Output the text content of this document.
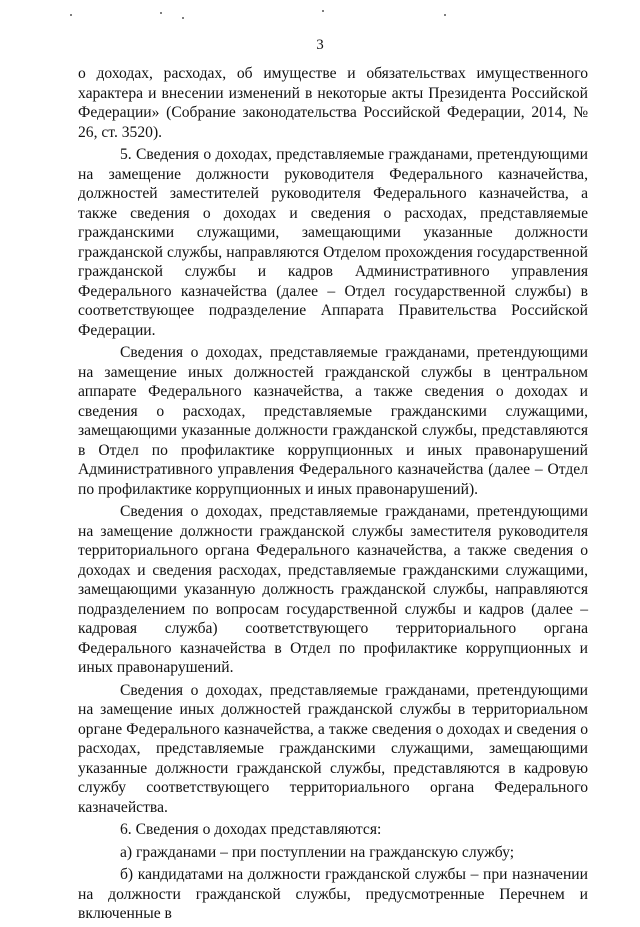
3

о доходах, расходах, об имуществе и обязательствах имущественного характера и внесении изменений в некоторые акты Президента Российской Федерации» (Собрание законодательства Российской Федерации, 2014, № 26, ст. 3520).

5. Сведения о доходах, представляемые гражданами, претендующими на замещение должности руководителя Федерального казначейства, должностей заместителей руководителя Федерального казначейства, а также сведения о доходах и сведения о расходах, представляемые гражданскими служащими, замещающими указанные должности гражданской службы, направляются Отделом прохождения государственной гражданской службы и кадров Административного управления Федерального казначейства (далее – Отдел государственной службы) в соответствующее подразделение Аппарата Правительства Российской Федерации.

Сведения о доходах, представляемые гражданами, претендующими на замещение иных должностей гражданской службы в центральном аппарате Федерального казначейства, а также сведения о доходах и сведения о расходах, представляемые гражданскими служащими, замещающими указанные должности гражданской службы, представляются в Отдел по профилактике коррупционных и иных правонарушений Административного управления Федерального казначейства (далее – Отдел по профилактике коррупционных и иных правонарушений).

Сведения о доходах, представляемые гражданами, претендующими на замещение должности гражданской службы заместителя руководителя территориального органа Федерального казначейства, а также сведения о доходах и сведения расходах, представляемые гражданскими служащими, замещающими указанную должность гражданской службы, направляются подразделением по вопросам государственной службы и кадров (далее – кадровая служба) соответствующего территориального органа Федерального казначейства в Отдел по профилактике коррупционных и иных правонарушений.

Сведения о доходах, представляемые гражданами, претендующими на замещение иных должностей гражданской службы в территориальном органе Федерального казначейства, а также сведения о доходах и сведения о расходах, представляемые гражданскими служащими, замещающими указанные должности гражданской службы, представляются в кадровую службу соответствующего территориального органа Федерального казначейства.

6. Сведения о доходах представляются:

а) гражданами – при поступлении на гражданскую службу;

б) кандидатами на должности гражданской службы – при назначении на должности гражданской службы, предусмотренные Перечнем и включенные в
